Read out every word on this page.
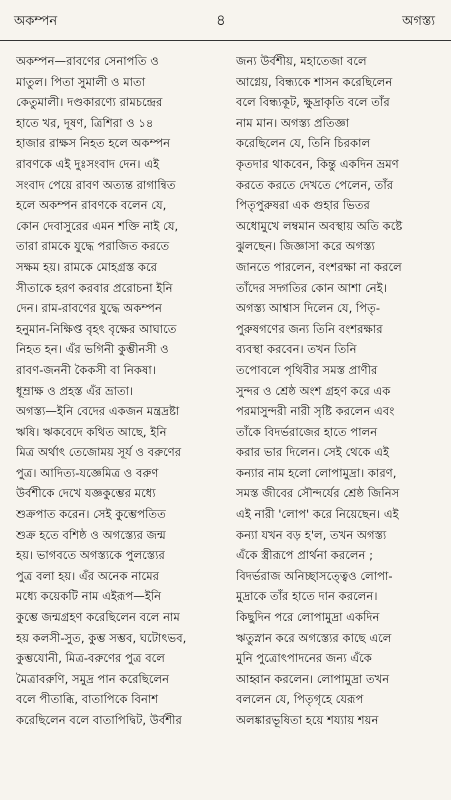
অকম্পন	৪	অগস্ত্য
অকম্পন—রাবণের সেনাপতি ও
মাতুল। পিতা সুমালী ও মাতা
কেতুমালী। দণ্ডকারণ্যে রামচন্দ্রের
হাতে খর, দূষণ, ত্রিশিরা ও ১৪
হাজার রাক্ষস নিহত হলে অকম্পন
রাবণকে এই দুঃসংবাদ দেন। এই
সংবাদ পেয়ে রাবণ অত্যন্ত রাগান্বিত
হলে অকম্পন রাবণকে বলেন যে,
কোন দেবাসুরের এমন শক্তি নাই যে,
তারা রামকে যুদ্ধে পরাজিত করতে
সক্ষম হয়। রামকে মোহগ্রস্ত করে
সীতাকে হরণ করবার প্ররোচনা ইনি
দেন। রাম-রাবণের যুদ্ধে অকম্পন
হনুমান-নিক্ষিপ্ত বৃহৎ বৃক্ষের আঘাতে
নিহত হন। এঁর ভগিনী কুম্ভীনসী ও
রাবণ-জননী কৈকসী বা নিকষা।
ধূম্রাক্ষ ও প্রহস্ত এঁর ভ্রাতা।
অগস্ত্য—ইনি বেদের একজন মন্ত্রদ্রষ্টা
ঋষি। ঋকবেদে কথিত আছে, ইনি
মিত্র অর্থাৎ তেজোময় সূর্য ও বরুণের
পুত্র। আদিত্য-যজ্ঞেমিত্র ও বরুণ
উর্বশীকে দেখে যজ্ঞকুম্ভের মধ্যে
শুক্রপাত করেন। সেই কুম্ভেপতিত
শুক্র হতে বশিষ্ঠ ও অগস্ত্যের জন্ম
হয়। ভাগবতে অগস্ত্যকে পুলস্ত্যের
পুত্র বলা হয়। এঁর অনেক নামের
মধ্যে কয়েকটি নাম এইরূপ—ইনি
কুম্ভে জন্মগ্রহণ করেছিলেন বলে নাম
হয় কলসী-সুত, কুম্ভ সম্ভব, ঘটোৎভব,
কুম্ভযোনী, মিত্র-বরুণের পুত্র বলে
মৈত্রাবরুণি, সমুদ্র পান করেছিলেন
বলে পীতাব্ধি, বাতাপিকে বিনাশ
করেছিলেন বলে বাতাপিদ্বিট, উর্বশীর
জন্য উর্বশীয়, মহাতেজা বলে
আগ্নেয়, বিন্ধ্যকে শাসন করেছিলেন
বলে বিন্ধ্যকূট, ক্ষুদ্রাকৃতি বলে তাঁর
নাম মান। অগস্ত্য প্রতিজ্ঞা
করেছিলেন যে, তিনি চিরকাল
কৃতদার থাকবেন, কিন্তু একদিন ভ্রমণ
করতে করতে দেখতে পেলেন, তাঁর
পিতৃপুরুষরা এক গুহার ভিতর
অধোমুখে লম্বমান অবস্থায় অতি কষ্টে
ঝুলছেন। জিজ্ঞাসা করে অগস্ত্য
জানতে পারলেন, বংশরক্ষা না করলে
তাঁদের সদ্গতির কোন আশা নেই।
অগস্ত্য আশ্বাস দিলেন যে, পিতৃ-
পুরুষগণের জন্য তিনি বংশরক্ষার
ব্যবস্থা করবেন। তখন তিনি
তপোবলে পৃথিবীর সমস্ত প্রাণীর
সুন্দর ও শ্রেষ্ঠ অংশ গ্রহণ করে এক
পরমাসুন্দরী নারী সৃষ্টি করলেন এবং
তাঁকে বিদর্ভরাজের হাতে পালন
করার ভার দিলেন। সেই থেকে এই
কন্যার নাম হলো লোপামুদ্রা। কারণ,
সমস্ত জীবের সৌন্দর্যের শ্রেষ্ঠ জিনিস
এই নারী 'লোপ' করে নিয়েছেন। এই
কন্যা যখন বড় হ'ল, তখন অগস্ত্য
এঁকে স্ত্রীরূপে প্রার্থনা করলেন ;
বিদর্ভরাজ অনিচ্ছাসত্ত্বেও লোপা-
মুদ্রাকে তাঁর হাতে দান করলেন।
কিছুদিন পরে লোপামুদ্রা একদিন
ঋতুস্নান করে অগস্ত্যের কাছে এলে
মুনি পুত্রোৎপাদনের জন্য এঁকে
আহ্বান করলেন। লোপামুদ্রা তখন
বললেন যে, পিতৃগৃহে যেরূপ
অলঙ্কারভূষিতা হয়ে শয্যায় শয়ন
